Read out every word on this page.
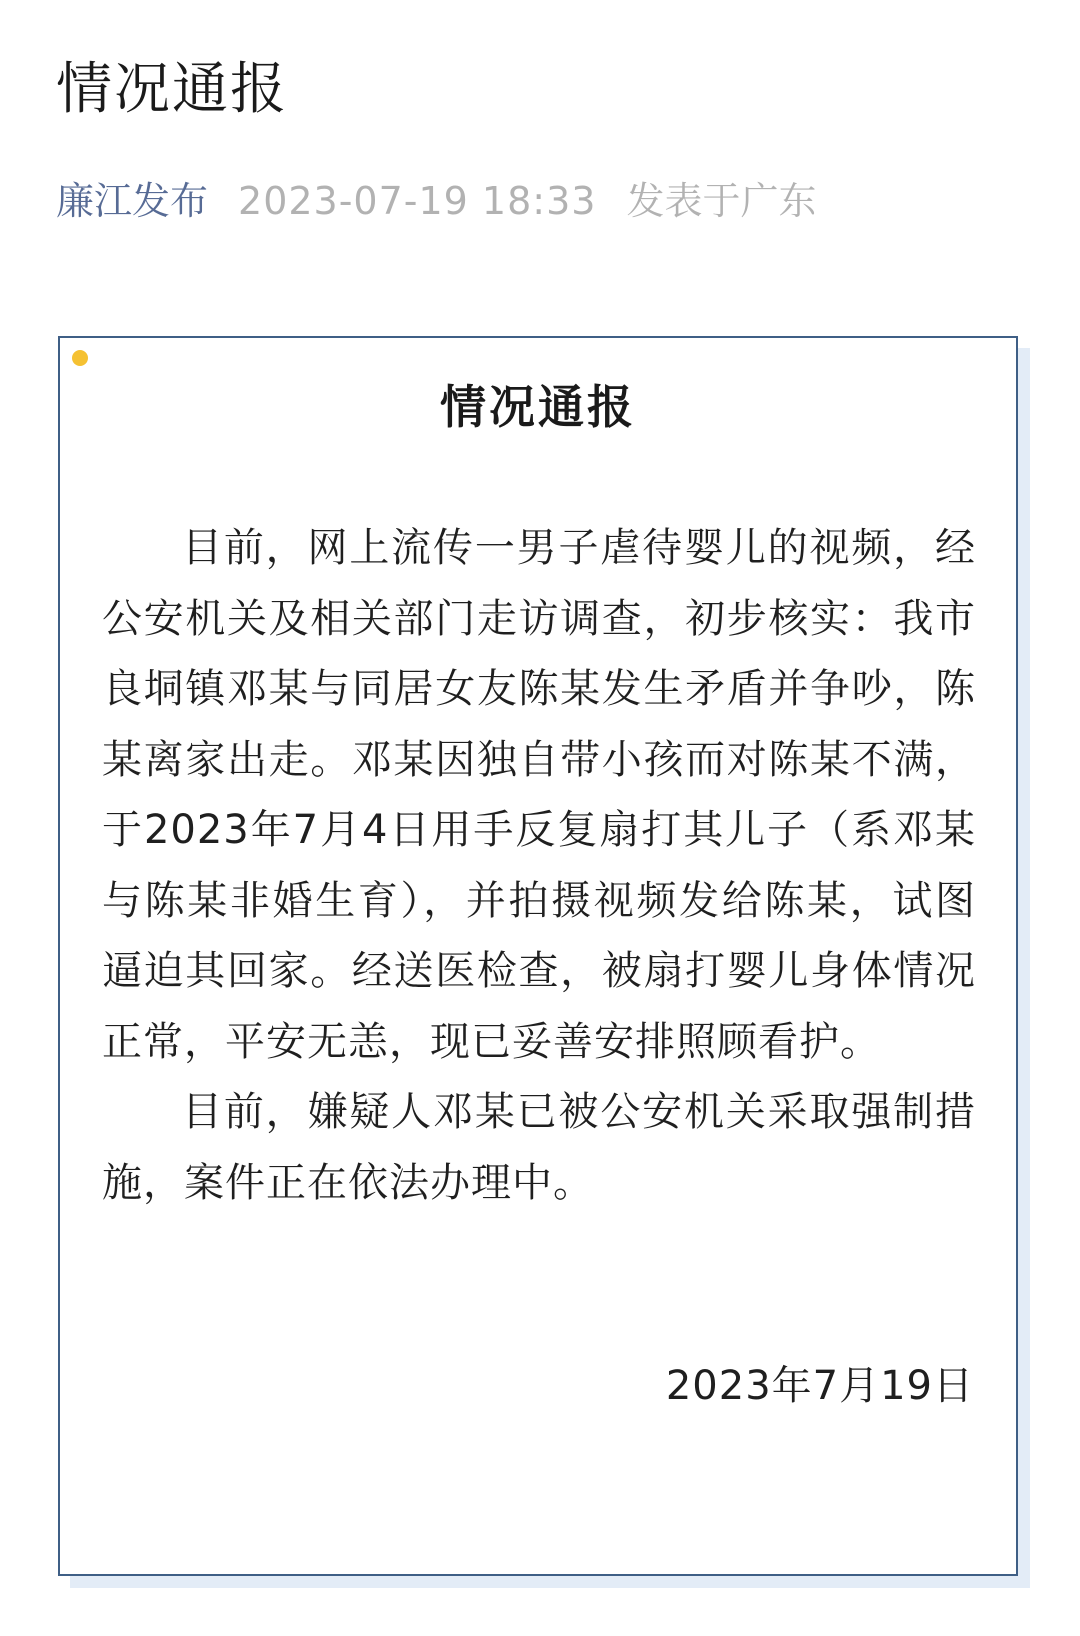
情况通报
廉江发布 2023-07-19 18:33 发表于广东
情况通报

目前，网上流传一男子虐待婴儿的视频，经公安机关及相关部门走访调查，初步核实：我市良垌镇邓某与同居女友陈某发生矛盾并争吵，陈某离家出走。邓某因独自带小孩而对陈某不满，于2023年7月4日用手反复扇打其儿子（系邓某与陈某非婚生育），并拍摄视频发给陈某，试图逼迫其回家。经送医检查，被扇打婴儿身体情况正常，平安无恙，现已妥善安排照顾看护。

目前，嫌疑人邓某已被公安机关采取强制措施，案件正在依法办理中。

2023年7月19日
